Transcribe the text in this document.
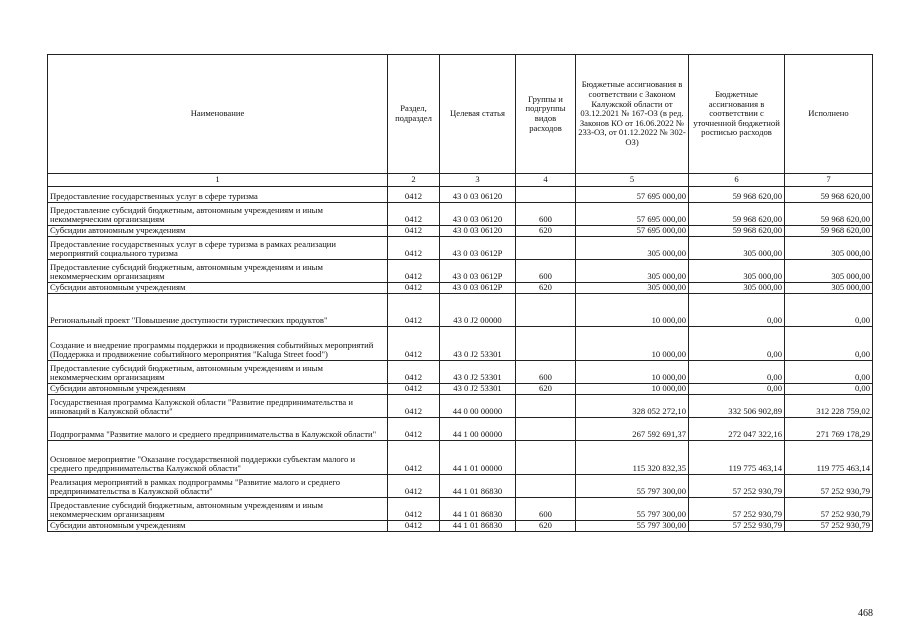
Наименование	Раздел, подраздел	Целевая статья	Группы и подгруппы видов расходов	Бюджетные ассигнования в соответствии с Законом Калужской области от 03.12.2021 № 167-ОЗ (в ред. Законов КО от 16.06.2022 № 233-ОЗ, от 01.12.2022 № 302-ОЗ)	Бюджетные ассигнования в соответствии с уточненной бюджетной росписью расходов	Исполнено
1	2	3	4	5	6	7
Предоставление государственных услуг в сфере туризма	0412	43 0 03 06120		57 695 000,00	59 968 620,00	59 968 620,00
Предоставление субсидий бюджетным, автономным учреждениям и иным некоммерческим организациям	0412	43 0 03 06120	600	57 695 000,00	59 968 620,00	59 968 620,00
Субсидии автономным учреждениям	0412	43 0 03 06120	620	57 695 000,00	59 968 620,00	59 968 620,00
Предоставление государственных услуг в сфере туризма в рамках реализации мероприятий социального туризма	0412	43 0 03 0612Р		305 000,00	305 000,00	305 000,00
Предоставление субсидий бюджетным, автономным учреждениям и иным некоммерческим организациям	0412	43 0 03 0612Р	600	305 000,00	305 000,00	305 000,00
Субсидии автономным учреждениям	0412	43 0 03 0612Р	620	305 000,00	305 000,00	305 000,00
Региональный проект "Повышение доступности туристических продуктов"	0412	43 0 J2 00000		10 000,00	0,00	0,00
Создание и внедрение программы поддержки и продвижения событийных мероприятий (Поддержка и продвижение событийного мероприятия "Kaluga Street food")	0412	43 0 J2 53301		10 000,00	0,00	0,00
Предоставление субсидий бюджетным, автономным учреждениям и иным некоммерческим организациям	0412	43 0 J2 53301	600	10 000,00	0,00	0,00
Субсидии автономным учреждениям	0412	43 0 J2 53301	620	10 000,00	0,00	0,00
Государственная программа Калужской области "Развитие предпринимательства и инноваций в Калужской области"	0412	44 0 00 00000		328 052 272,10	332 506 902,89	312 228 759,02
Подпрограмма "Развитие малого и среднего предпринимательства в Калужской области"	0412	44 1 00 00000		267 592 691,37	272 047 322,16	271 769 178,29
Основное мероприятие "Оказание государственной поддержки субъектам малого и среднего предпринимательства Калужской области"	0412	44 1 01 00000		115 320 832,35	119 775 463,14	119 775 463,14
Реализация мероприятий в рамках подпрограммы "Развитие малого и среднего предпринимательства в Калужской области"	0412	44 1 01 86830		55 797 300,00	57 252 930,79	57 252 930,79
Предоставление субсидий бюджетным, автономным учреждениям и иным некоммерческим организациям	0412	44 1 01 86830	600	55 797 300,00	57 252 930,79	57 252 930,79
Субсидии автономным учреждениям	0412	44 1 01 86830	620	55 797 300,00	57 252 930,79	57 252 930,79
468
